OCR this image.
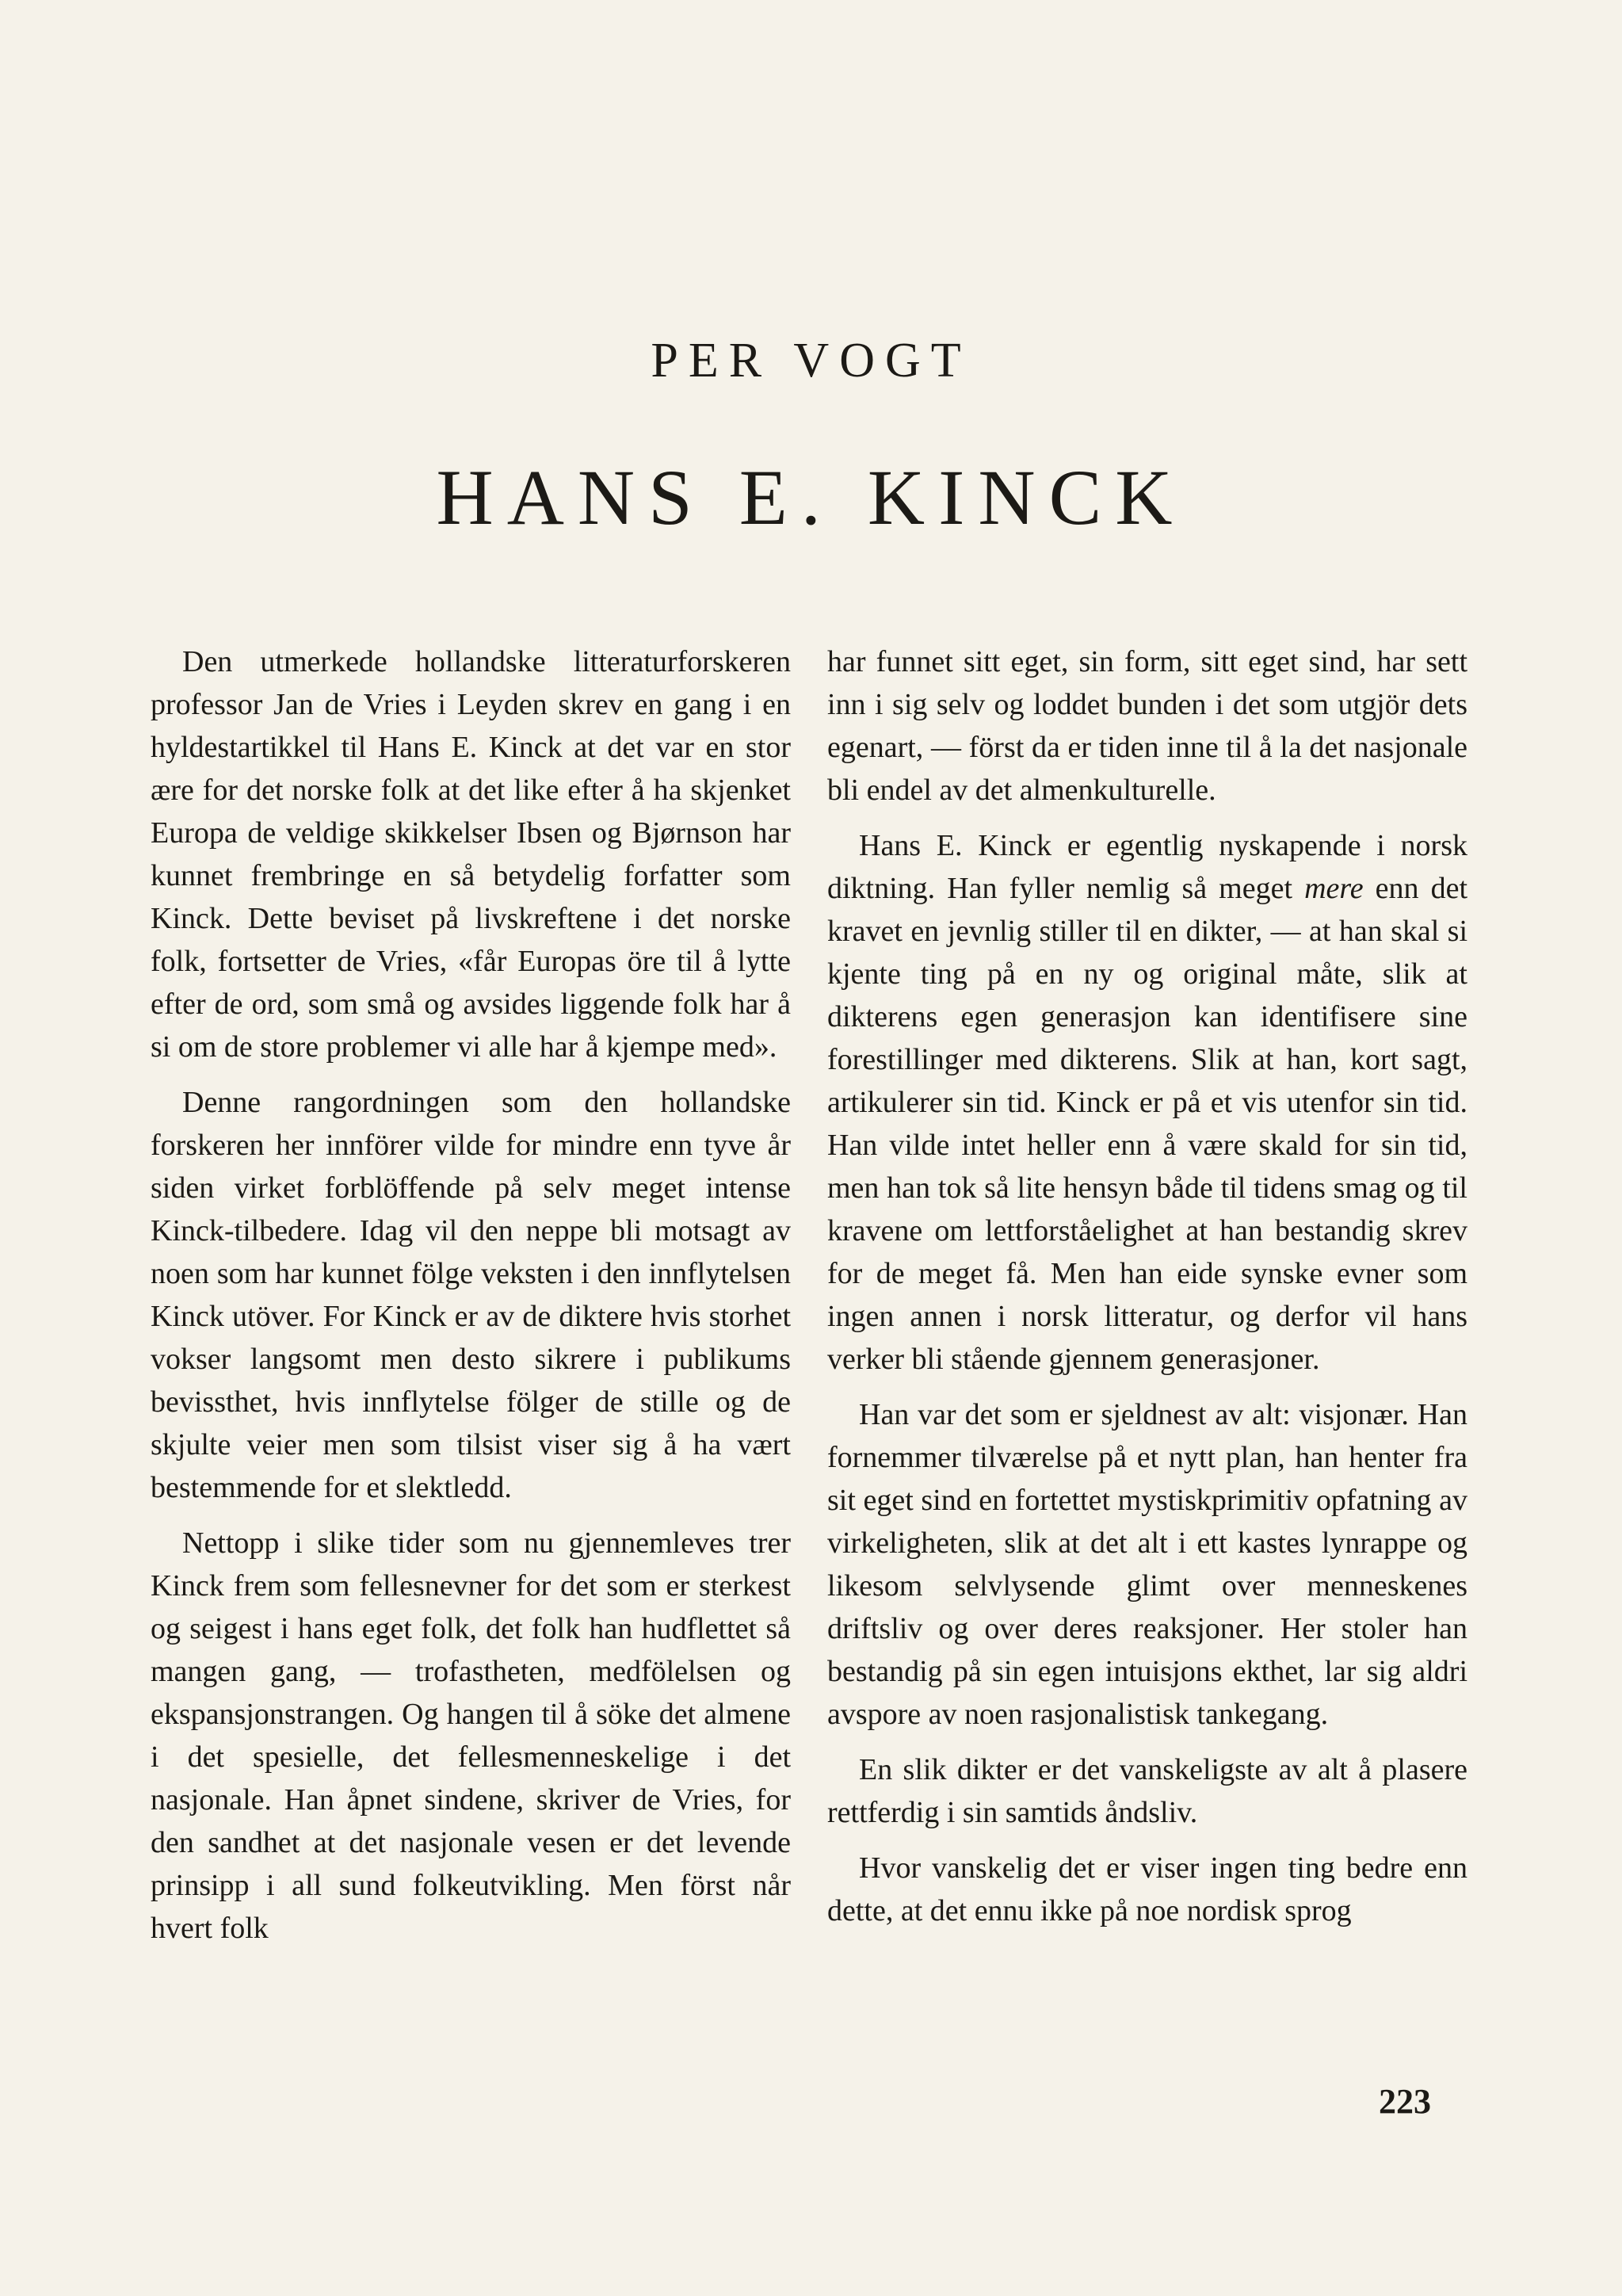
PER VOGT
HANS E. KINCK

Den utmerkede hollandske litteraturforskeren professor Jan de Vries i Leyden skrev en gang i en hyldestartikkel til Hans E. Kinck at det var en stor ære for det norske folk at det like efter å ha skjenket Europa de veldige skikkelser Ibsen og Bjørnson har kunnet frembringe en så betydelig forfatter som Kinck. Dette beviset på livskreftene i det norske folk, fortsetter de Vries, «får Europas öre til å lytte efter de ord, som små og avsides liggende folk har å si om de store problemer vi alle har å kjempe med».

Denne rangordningen som den hollandske forskeren her innförer vilde for mindre enn tyve år siden virket forblöffende på selv meget intense Kinck-tilbedere. Idag vil den neppe bli motsagt av noen som har kunnet fölge veksten i den innflytelsen Kinck utöver. For Kinck er av de diktere hvis storhet vokser langsomt men desto sikrere i publikums bevissthet, hvis innflytelse fölger de stille og de skjulte veier men som tilsist viser sig å ha vært bestemmende for et slektledd.

Nettopp i slike tider som nu gjennemleves trer Kinck frem som fellesnevner for det som er sterkest og seigest i hans eget folk, det folk han hudflettet så mangen gang, — trofastheten, medfölelsen og ekspansjonstrangen. Og hangen til å söke det almene i det spesielle, det fellesmenneskelige i det nasjonale. Han åpnet sindene, skriver de Vries, for den sandhet at det nasjonale vesen er det levende prinsipp i all sund folkeutvikling. Men först når hvert folk

har funnet sitt eget, sin form, sitt eget sind, har sett inn i sig selv og loddet bunden i det som utgjör dets egenart, — först da er tiden inne til å la det nasjonale bli endel av det almenkulturelle.

Hans E. Kinck er egentlig nyskapende i norsk diktning. Han fyller nemlig så meget mere enn det kravet en jevnlig stiller til en dikter, — at han skal si kjente ting på en ny og original måte, slik at dikterens egen generasjon kan identifisere sine forestillinger med dikterens. Slik at han, kort sagt, artikulerer sin tid. Kinck er på et vis utenfor sin tid. Han vilde intet heller enn å være skald for sin tid, men han tok så lite hensyn både til tidens smag og til kravene om lettforståelighet at han bestandig skrev for de meget få. Men han eide synske evner som ingen annen i norsk litteratur, og derfor vil hans verker bli stående gjennem generasjoner.

Han var det som er sjeldnest av alt: visjonær. Han fornemmer tilværelse på et nytt plan, han henter fra sit eget sind en fortettet mystiskprimitiv opfatning av virkeligheten, slik at det alt i ett kastes lynrappe og likesom selvlysende glimt over menneskenes driftsliv og over deres reaksjoner. Her stoler han bestandig på sin egen intuisjons ekthet, lar sig aldri avspore av noen rasjonalistisk tankegang.

En slik dikter er det vanskeligste av alt å plasere rettferdig i sin samtids åndsliv.

Hvor vanskelig det er viser ingen ting bedre enn dette, at det ennu ikke på noe nordisk sprog

223
